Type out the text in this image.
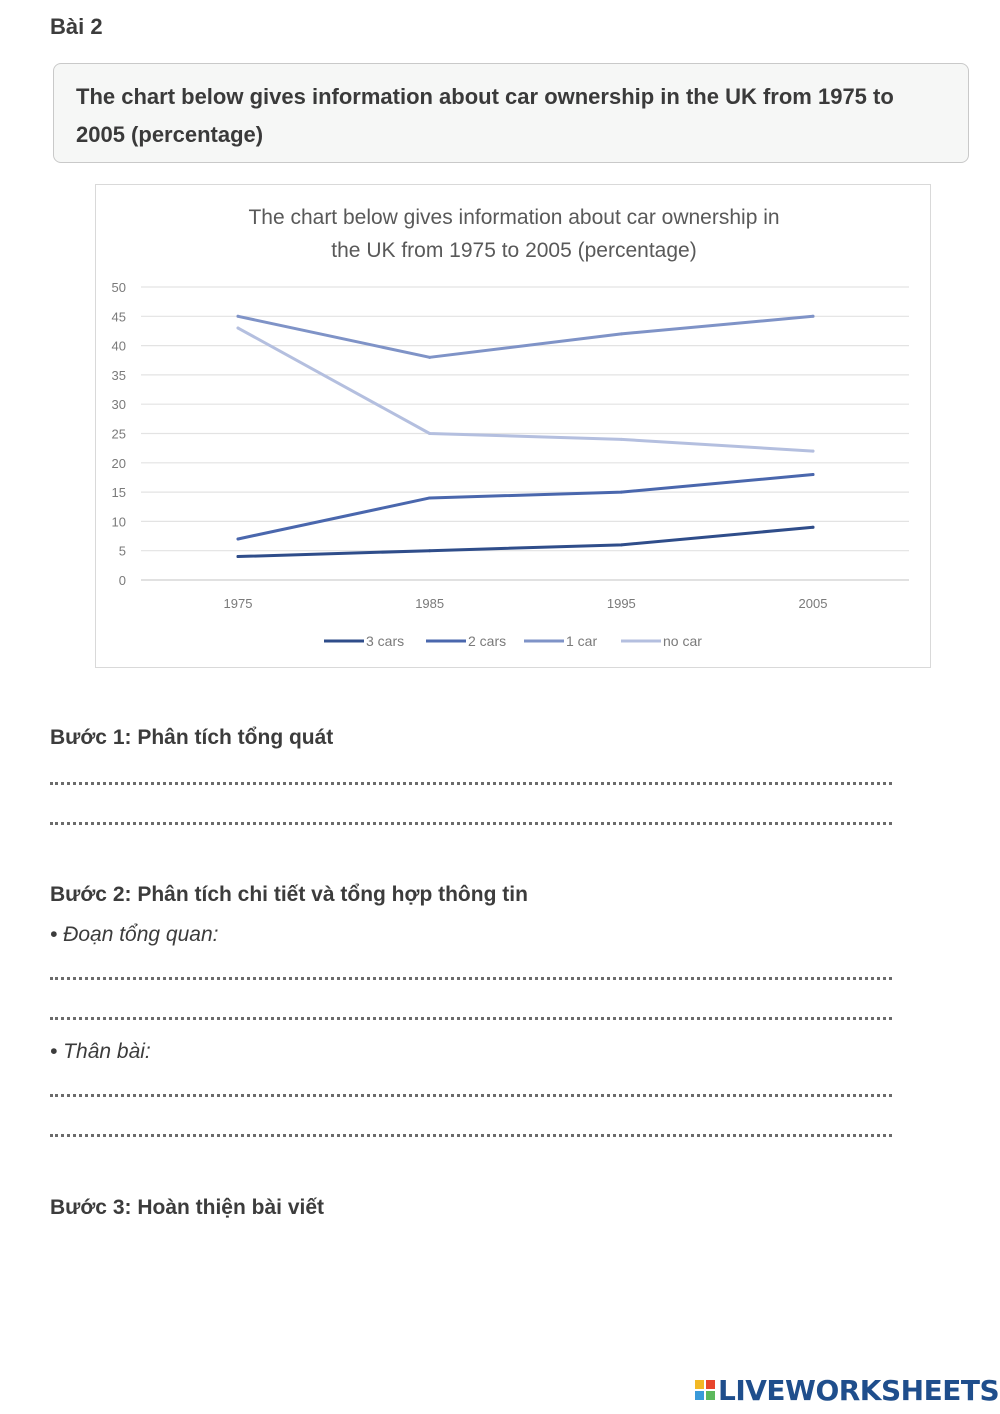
Bài 2
The chart below gives information about car ownership in the UK from 1975 to 2005 (percentage)
The chart below gives information about car ownership in
the UK from 1975 to 2005 (percentage)
0
5
10
15
20
25
30
35
40
45
50
1975	1985	1995	2005
3 cars	2 cars	1 car	no car
Bước 1: Phân tích tổng quát
Bước 2: Phân tích chi tiết và tổng hợp thông tin

• Đoạn tổng quan:

• Thân bài:

Bước 3: Hoàn thiện bài viết
LIVEWORKSHEETS
